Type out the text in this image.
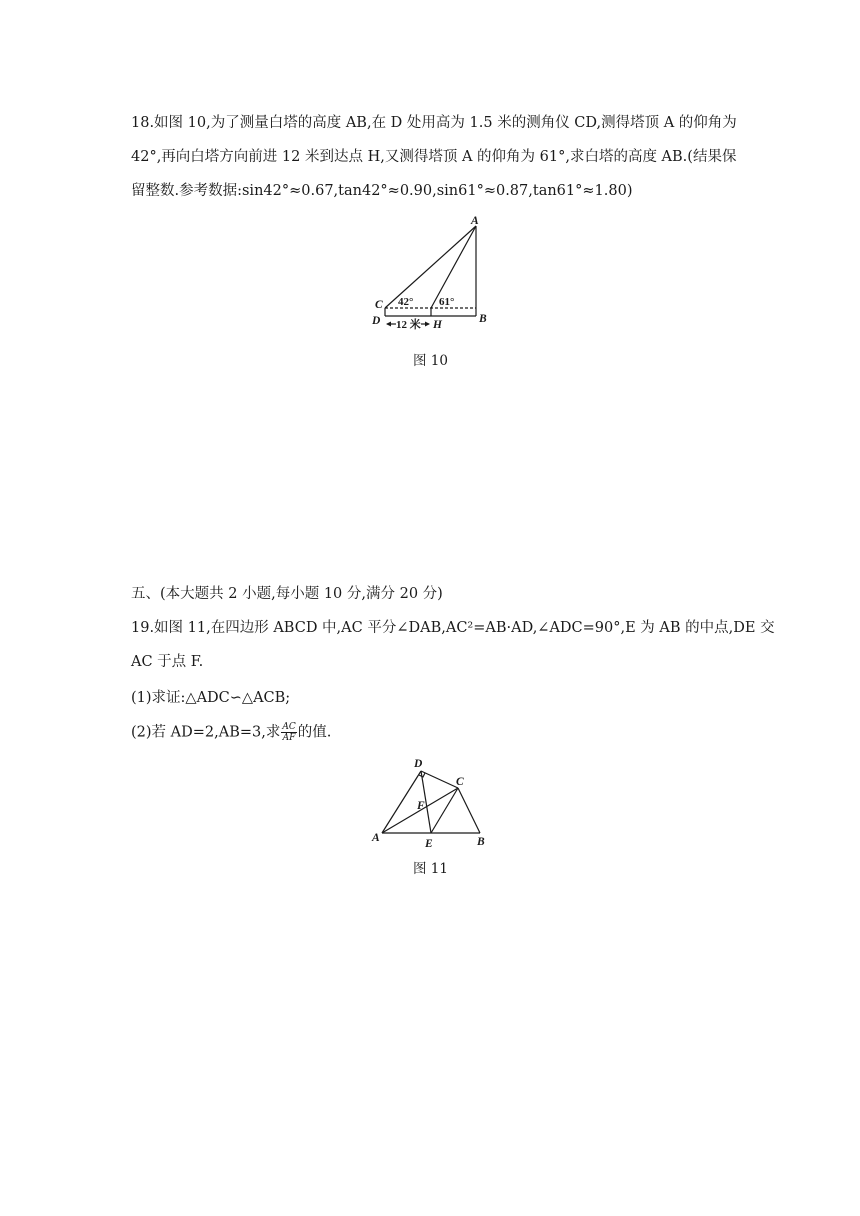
18.如图 10,为了测量白塔的高度 AB,在 D 处用高为 1.5 米的测角仪 CD,测得塔顶 A 的仰角为
42°,再向白塔方向前进 12 米到达点 H,又测得塔顶 A 的仰角为 61°,求白塔的高度 AB.(结果保
留整数.参考数据:sin42°≈0.67,tan42°≈0.90,sin61°≈0.87,tan61°≈1.80)
A
B
C
D	H
42° 61°
12 米
图 10
五、(本大题共 2 小题,每小题 10 分,满分 20 分)
19.如图 11,在四边形 ABCD 中,AC 平分∠DAB,AC²=AB·AD,∠ADC=90°,E 为 AB 的中点,DE 交
AC 于点 F.
(1)求证:△ADC∽△ACB;
(2)若 AD=2,AB=3,求 $\frac{AC}{AF}$ 的值.
D
C
F
A	E	B
图 11
